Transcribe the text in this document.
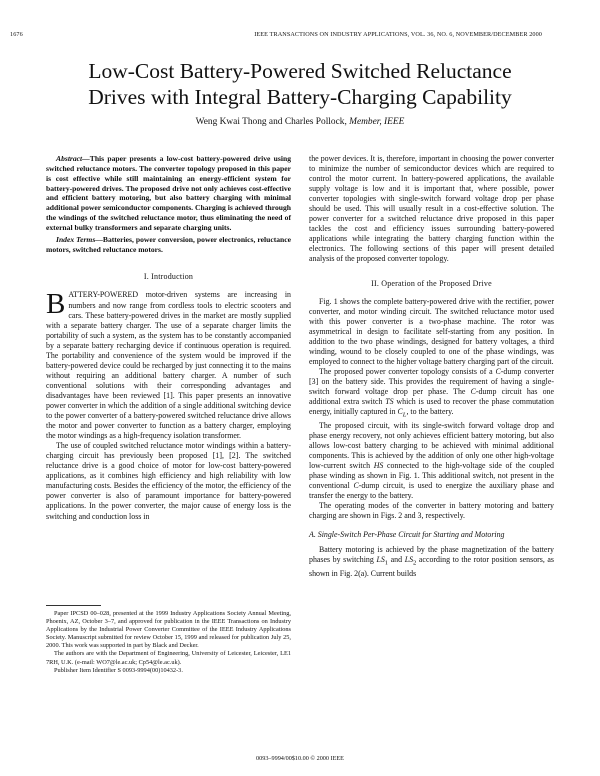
1676	IEEE TRANSACTIONS ON INDUSTRY APPLICATIONS, VOL. 36, NO. 6, NOVEMBER/DECEMBER 2000
Low-Cost Battery-Powered Switched Reluctance
Drives with Integral Battery-Charging Capability
Weng Kwai Thong and Charles Pollock, Member, IEEE

Abstract—This paper presents a low-cost battery-powered drive using switched reluctance motors. The converter topology proposed in this paper is cost effective while still maintaining an energy-efficient system for battery-powered drives. The proposed drive not only achieves cost-effective and efficient battery motoring, but also battery charging with minimal additional power semiconductor components. Charging is achieved through the windings of the switched reluctance motor, thus eliminating the need of external bulky transformers and separate charging units.

Index Terms—Batteries, power conversion, power electronics, reluctance motors, switched reluctance motors.

I. Introduction

BATTERY-POWERED motor-driven systems are increasing in numbers and now range from cordless tools to electric scooters and cars. These battery-powered drives in the market are mostly supplied with a separate battery charger. The use of a separate charger limits the portability of such a system, as the system has to be constantly accompanied by a separate battery recharging device if continuous operation is required. The portability and convenience of the system would be improved if the battery-powered device could be recharged by just connecting it to the mains without requiring an additional battery charger. A number of such conventional solutions with their corresponding advantages and disadvantages have been reviewed [1]. This paper presents an innovative power converter in which the addition of a single additional switching device to the power converter of a battery-powered switched reluctance drive allows the motor and power converter to function as a battery charger, employing the motor windings as a high-frequency isolation transformer.

The use of coupled switched reluctance motor windings within a battery-charging circuit has previously been proposed [1], [2]. The switched reluctance drive is a good choice of motor for low-cost battery-powered applications, as it combines high efficiency and high reliability with low manufacturing costs. Besides the efficiency of the motor, the efficiency of the power converter is also of paramount importance for battery-powered applications. In the power converter, the major cause of energy loss is the switching and conduction loss in

Paper IPCSD 00–028, presented at the 1999 Industry Applications Society Annual Meeting, Phoenix, AZ, October 3–7, and approved for publication in the IEEE Transactions on Industry Applications by the Industrial Power Converter Committee of the IEEE Industry Applications Society. Manuscript submitted for review October 15, 1999 and released for publication July 25, 2000. This work was supported in part by Black and Decker.

The authors are with the Department of Engineering, University of Leicester, Leicester, LE1 7RH, U.K. (e-mail: WO7@le.ac.uk; Cp54@le.ac.uk).

Publisher Item Identifier S 0093-9994(00)10432-3.

the power devices. It is, therefore, important in choosing the power converter to minimize the number of semiconductor devices which are required to control the motor current. In battery-powered applications, the available supply voltage is low and it is important that, where possible, power converter topologies with single-switch forward voltage drop per phase should be used. This will usually result in a cost-effective solution. The power converter for a switched reluctance drive proposed in this paper tackles the cost and efficiency issues surrounding battery-powered applications while integrating the battery charging function within the electronics. The following sections of this paper will present detailed analysis of the proposed converter topology.

II. Operation of the Proposed Drive

Fig. 1 shows the complete battery-powered drive with the rectifier, power converter, and motor winding circuit. The switched reluctance motor used with this power converter is a two-phase machine. The rotor was asymmetrical in design to facilitate self-starting from any position. In addition to the two phase windings, designed for battery voltages, a third winding, wound to be closely coupled to one of the phase windings, was employed to connect to the higher voltage battery charging part of the circuit.

The proposed power converter topology consists of a C-dump converter [3] on the battery side. This provides the requirement of having a single-switch forward voltage drop per phase. The C-dump circuit has one additional extra switch TS which is used to recover the phase commutation energy, initially captured in $C_L$, to the battery.

The proposed circuit, with its single-switch forward voltage drop and phase energy recovery, not only achieves efficient battery motoring, but also allows low-cost battery charging to be achieved with minimal additional components. This is achieved by the addition of only one other high-voltage low-current switch HS connected to the high-voltage side of the coupled phase winding as shown in Fig. 1. This additional switch, not present in the conventional C-dump circuit, is used to energize the auxiliary phase and transfer the energy to the battery.

The operating modes of the converter in battery motoring and battery charging are shown in Figs. 2 and 3, respectively.

A. Single-Switch Per-Phase Circuit for Starting and Motoring

Battery motoring is achieved by the phase magnetization of the battery phases by switching $LS_1$ and $LS_2$ according to the rotor position sensors, as shown in Fig. 2(a). Current builds

0093–9994/00$10.00 © 2000 IEEE
